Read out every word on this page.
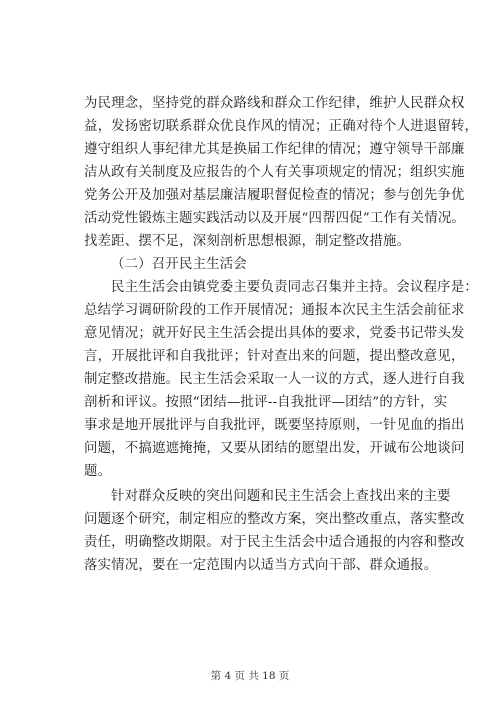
为民理念，坚持党的群众路线和群众工作纪律，维护人民群众权
益，发扬密切联系群众优良作风的情况；正确对待个人进退留转，
遵守组织人事纪律尤其是换届工作纪律的情况；遵守领导干部廉
洁从政有关制度及应报告的个人有关事项规定的情况；组织实施
党务公开及加强对基层廉洁履职督促检查的情况；参与创先争优
活动党性锻炼主题实践活动以及开展“四帮四促”工作有关情况。
找差距、摆不足，深刻剖析思想根源，制定整改措施。
（二）召开民主生活会
民主生活会由镇党委主要负责同志召集并主持。会议程序是：
总结学习调研阶段的工作开展情况；通报本次民主生活会前征求
意见情况；就开好民主生活会提出具体的要求，党委书记带头发
言，开展批评和自我批评；针对查出来的问题，提出整改意见，
制定整改措施。民主生活会采取一人一议的方式，逐人进行自我
剖析和评议。按照“团结—批评--自我批评—团结”的方针，实
事求是地开展批评与自我批评，既要坚持原则，一针见血的指出
问题，不搞遮遮掩掩，又要从团结的愿望出发，开诚布公地谈问
题。
针对群众反映的突出问题和民主生活会上查找出来的主要
问题逐个研究，制定相应的整改方案，突出整改重点，落实整改
责任，明确整改期限。对于民主生活会中适合通报的内容和整改
落实情况，要在一定范围内以适当方式向干部、群众通报。
第 4 页 共 18 页
